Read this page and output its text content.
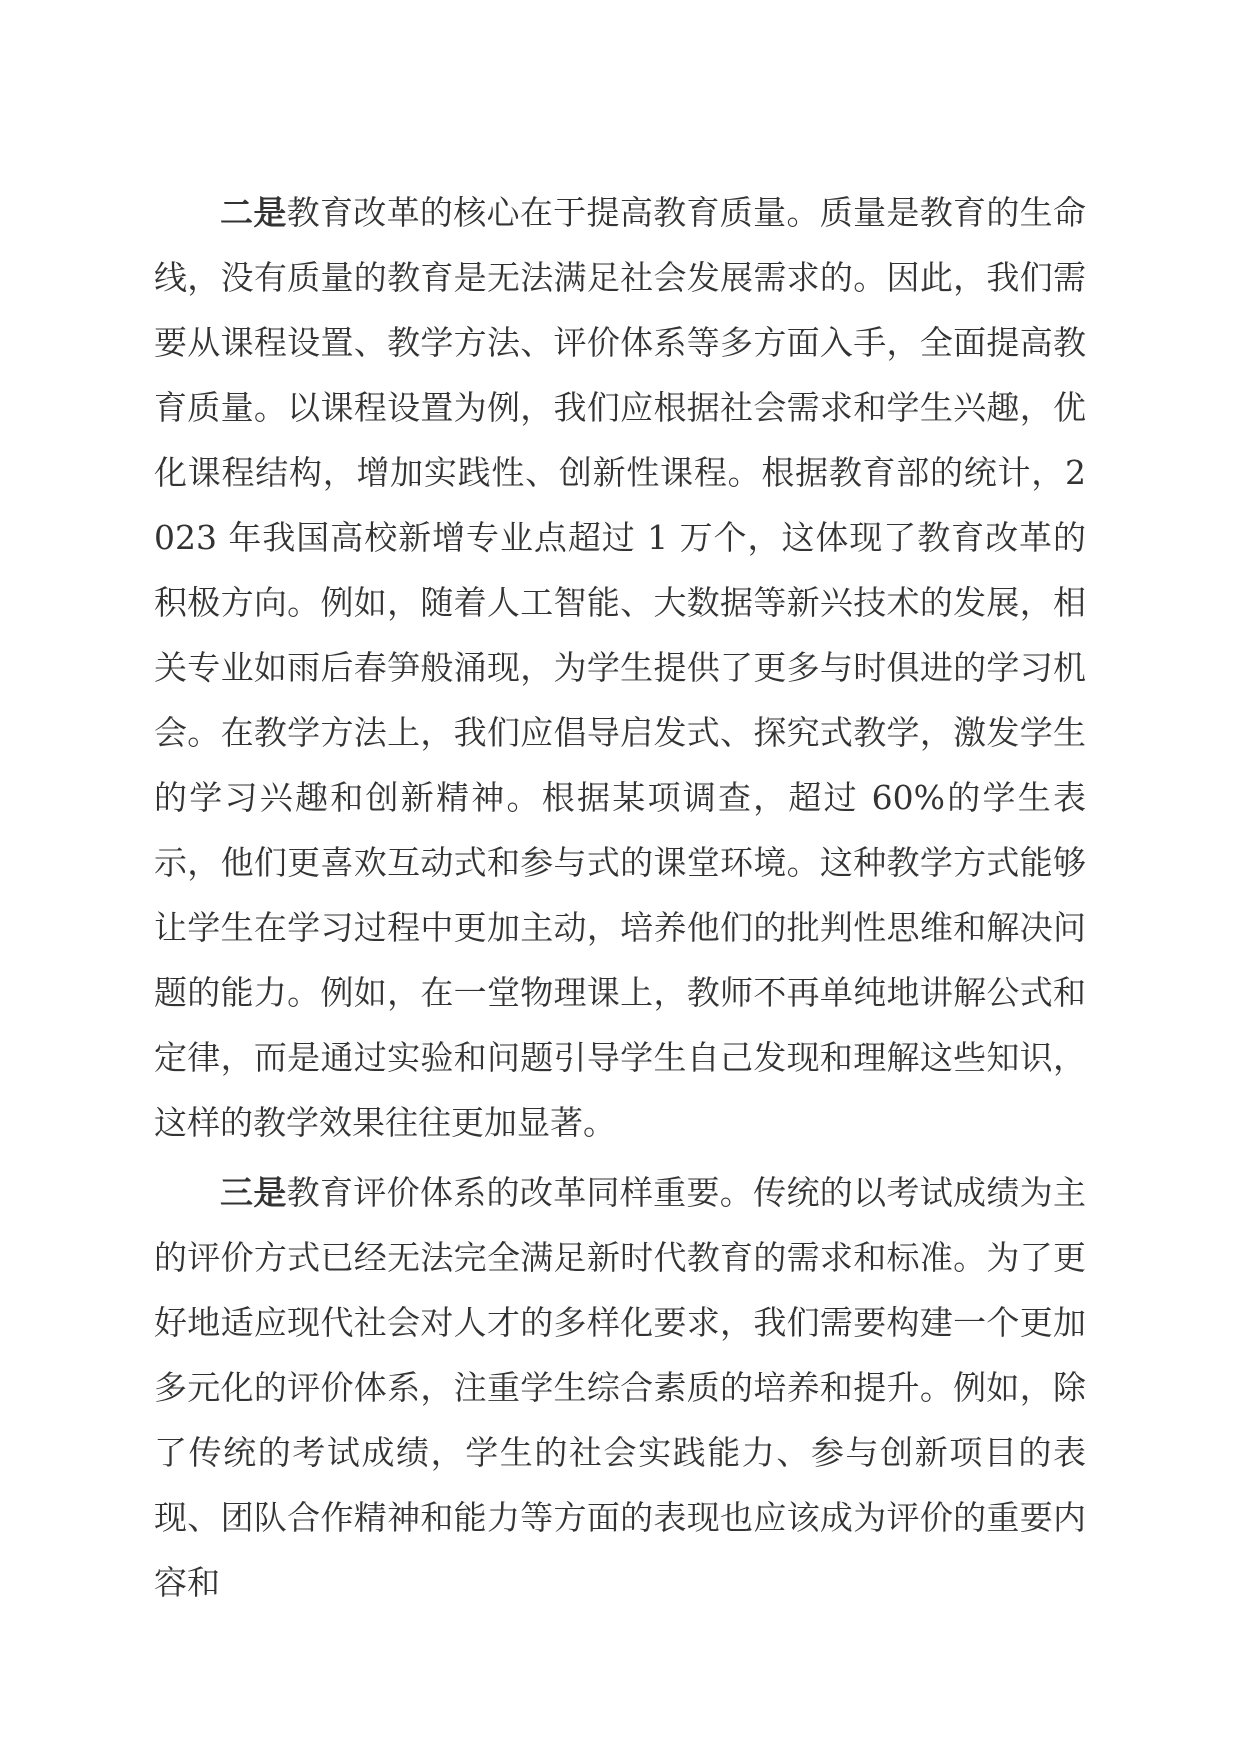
二是教育改革的核心在于提高教育质量。质量是教育的生命线，没有质量的教育是无法满足社会发展需求的。因此，我们需要从课程设置、教学方法、评价体系等多方面入手，全面提高教育质量。以课程设置为例，我们应根据社会需求和学生兴趣，优化课程结构，增加实践性、创新性课程。根据教育部的统计，2023 年我国高校新增专业点超过 1 万个，这体现了教育改革的积极方向。例如，随着人工智能、大数据等新兴技术的发展，相关专业如雨后春笋般涌现，为学生提供了更多与时俱进的学习机会。在教学方法上，我们应倡导启发式、探究式教学，激发学生的学习兴趣和创新精神。根据某项调查，超过 60%的学生表示，他们更喜欢互动式和参与式的课堂环境。这种教学方式能够让学生在学习过程中更加主动，培养他们的批判性思维和解决问题的能力。例如，在一堂物理课上，教师不再单纯地讲解公式和定律，而是通过实验和问题引导学生自己发现和理解这些知识，这样的教学效果往往更加显著。

三是教育评价体系的改革同样重要。传统的以考试成绩为主的评价方式已经无法完全满足新时代教育的需求和标准。为了更好地适应现代社会对人才的多样化要求，我们需要构建一个更加多元化的评价体系，注重学生综合素质的培养和提升。例如，除了传统的考试成绩，学生的社会实践能力、参与创新项目的表现、团队合作精神和能力等方面的表现也应该成为评价的重要内容和
